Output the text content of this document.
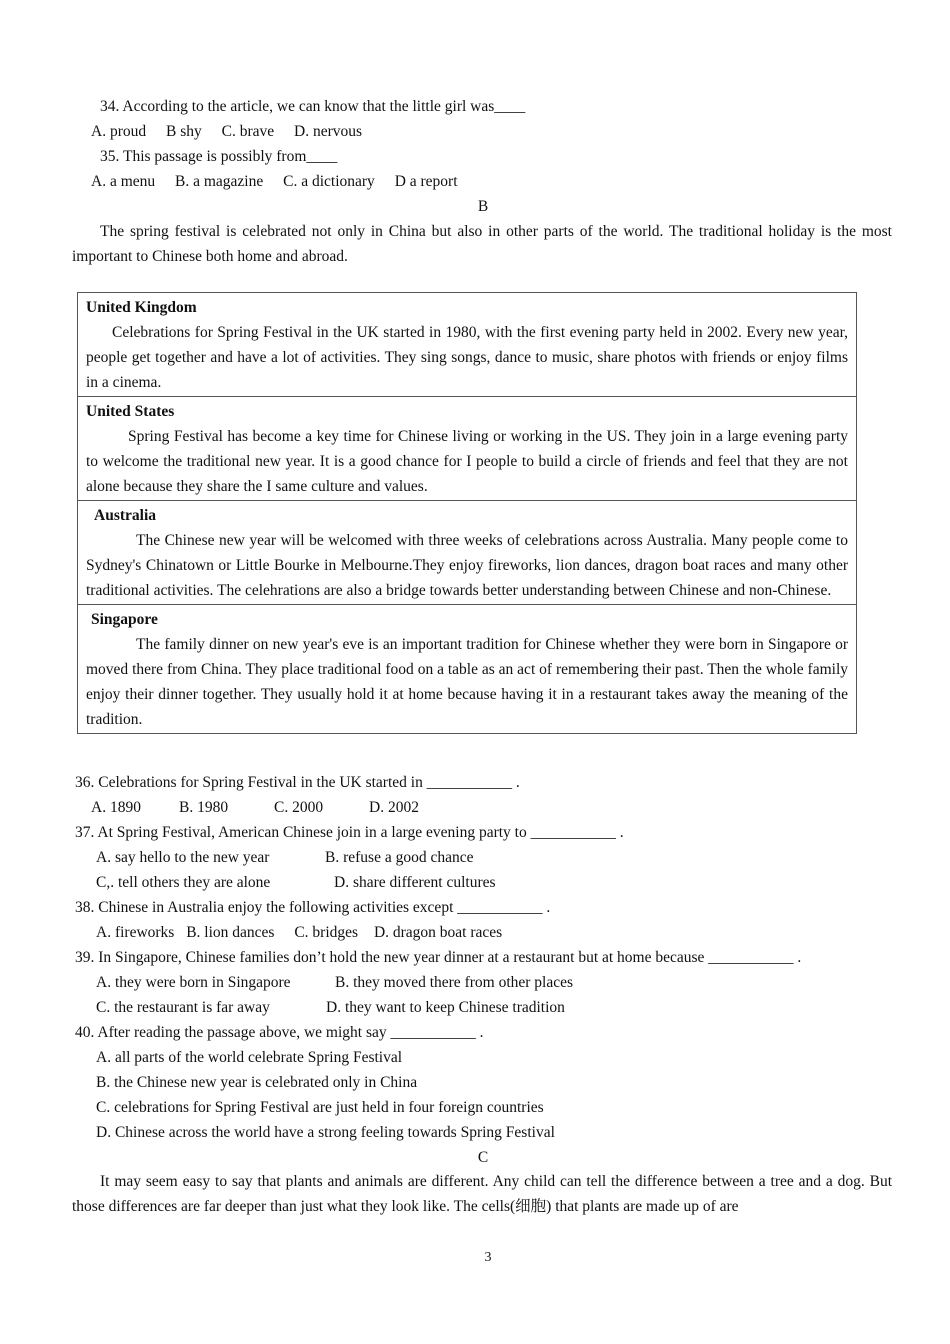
34. According to the article, we can know that the little girl was____
A. proud B shy C. brave D. nervous
35. This passage is possibly from____
A. a menu B. a magazine C. a dictionary D a report
B
The spring festival is celebrated not only in China but also in other parts of the world. The traditional holiday is the most important to Chinese both home and abroad.
United Kingdom
Celebrations for Spring Festival in the UK started in 1980, with the first evening party held in 2002. Every new year, people get together and have a lot of activities. They sing songs, dance to music, share photos with friends or enjoy films in a cinema.

United States
Spring Festival has become a key time for Chinese living or working in the US. They join in a large evening party to welcome the traditional new year. It is a good chance for I people to build a circle of friends and feel that they are not alone because they share the I same culture and values.

Australia
The Chinese new year will be welcomed with three weeks of celebrations across Australia. Many people come to Sydney's Chinatown or Little Bourke in Melbourne.They enjoy fireworks, lion dances, dragon boat races and many other traditional activities. The celehrations are also a bridge towards better understanding between Chinese and non-Chinese.

Singapore
The family dinner on new year's eve is an important tradition for Chinese whether they were born in Singapore or moved there from China. They place traditional food on a table as an act of remembering their past. Then the whole family enjoy their dinner together. They usually hold it at home because having it in a restaurant takes away the meaning of the tradition.
36. Celebrations for Spring Festival in the UK started in ___________ .
A. 1890 B. 1980	C. 2000	D. 2002
37. At Spring Festival, American Chinese join in a large evening party to ___________ .
A. say hello to the new year	B. refuse a good chance
C,. tell others they are alone	D. share different cultures
38. Chinese in Australia enjoy the following activities except ___________ .
A. fireworks B. lion dances C. bridges D. dragon boat races
39. In Singapore, Chinese families don’t hold the new year dinner at a restaurant but at home because ___________ .
A. they were born in Singapore	B. they moved there from other places
C. the restaurant is far away	D. they want to keep Chinese tradition
40. After reading the passage above, we might say ___________ .
A. all parts of the world celebrate Spring Festival
B. the Chinese new year is celebrated only in China
C. celebrations for Spring Festival are just held in four foreign countries
D. Chinese across the world have a strong feeling towards Spring Festival
C
It may seem easy to say that plants and animals are different. Any child can tell the difference between a tree and a dog. But those differences are far deeper than just what they look like. The cells(细胞) that plants are made up of are
3
